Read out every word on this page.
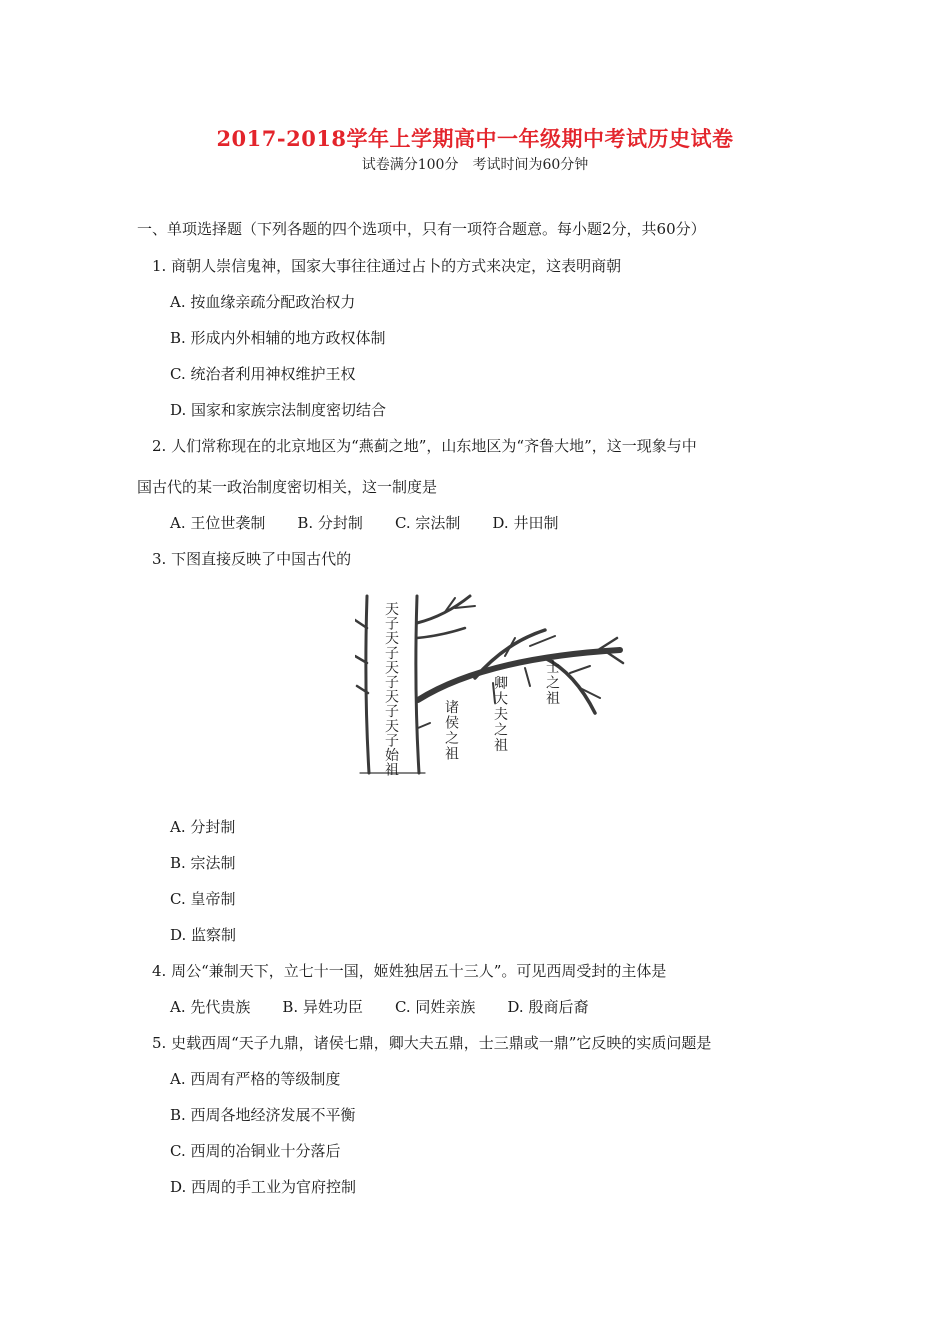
2017-2018学年上学期高中一年级期中考试历史试卷
试卷满分100分　考试时间为60分钟
一、单项选择题（下列各题的四个选项中，只有一项符合题意。每小题2分，共60分）
1. 商朝人崇信鬼神，国家大事往往通过占卜的方式来决定，这表明商朝
A. 按血缘亲疏分配政治权力
B. 形成内外相辅的地方政权体制
C. 统治者利用神权维护王权
D. 国家和家族宗法制度密切结合
2. 人们常称现在的北京地区为“燕蓟之地”，山东地区为“齐鲁大地”，这一现象与中
国古代的某一政治制度密切相关，这一制度是
A. 王位世袭制 B. 分封制 C. 宗法制 D. 井田制
3. 下图直接反映了中国古代的
天子天子天子天子天子始祖
诸侯之祖
卿大夫之祖
士之祖
A. 分封制
B. 宗法制
C. 皇帝制
D. 监察制
4. 周公“兼制天下，立七十一国，姬姓独居五十三人”。可见西周受封的主体是
A. 先代贵族 B. 异姓功臣 C. 同姓亲族 D. 殷商后裔
5. 史载西周“天子九鼎，诸侯七鼎，卿大夫五鼎，士三鼎或一鼎”它反映的实质问题是
A. 西周有严格的等级制度
B. 西周各地经济发展不平衡
C. 西周的冶铜业十分落后
D. 西周的手工业为官府控制
